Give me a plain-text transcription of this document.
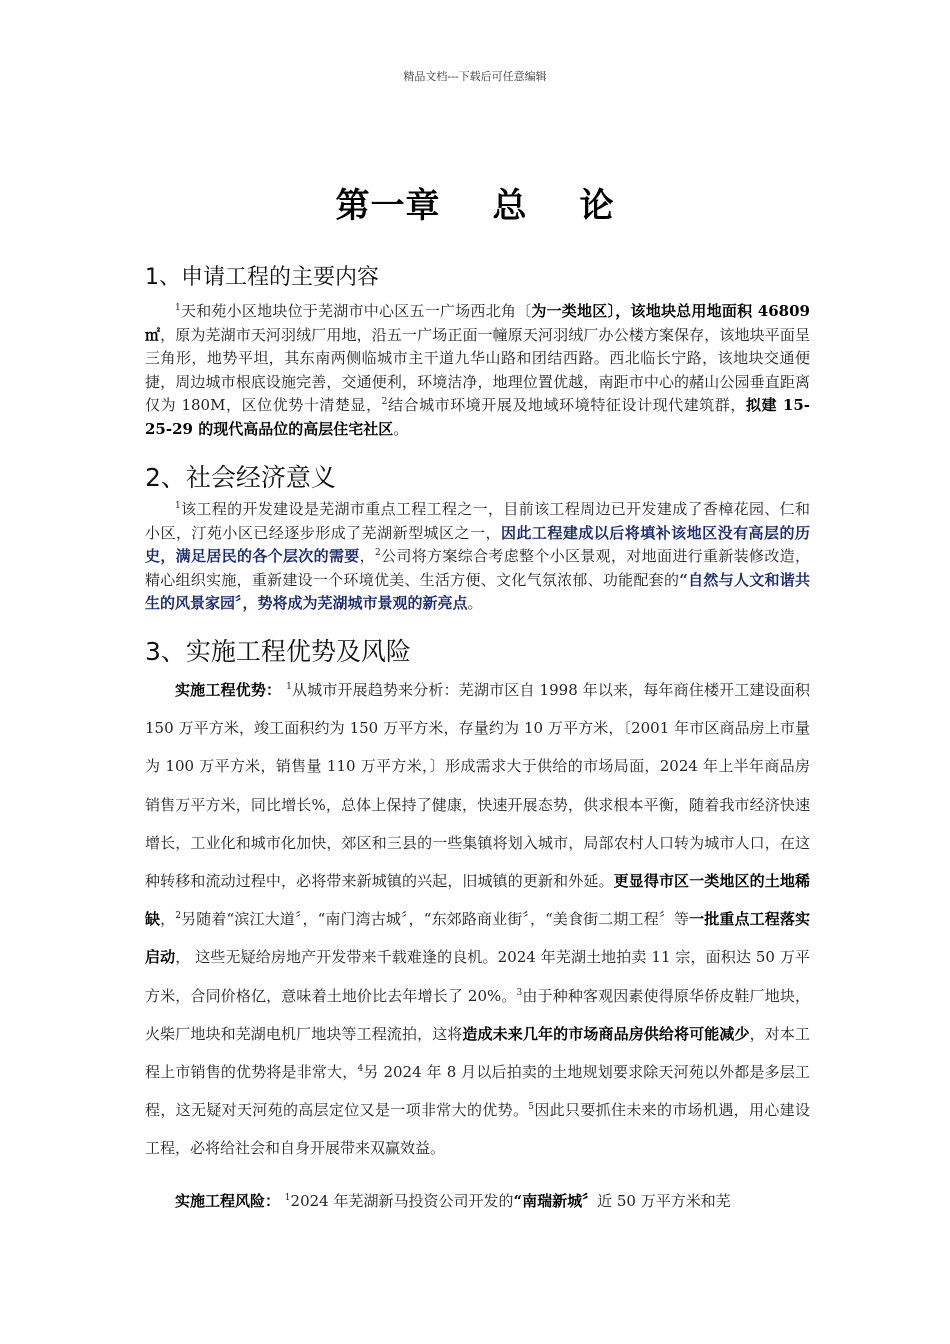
精品文档---下载后可任意编辑
第一章 总 论
1、申请工程的主要内容
$^1$天和苑小区地块位于芜湖市中心区五一广场西北角〔为一类地区〕，该地块总用地面积 46809㎡，原为芜湖市天河羽绒厂用地，沿五一广场正面一幢原天河羽绒厂办公楼方案保存，该地块平面呈三角形，地势平坦，其东南两侧临城市主干道九华山路和团结西路。西北临长宁路，该地块交通便捷，周边城市根底设施完善，交通便利，环境洁净，地理位置优越，南距市中心的赭山公园垂直距离仅为 180M，区位优势十清楚显，$^2$结合城市环境开展及地域环境特征设计现代建筑群，拟建 15-25-29 的现代高品位的高层住宅社区。
2、社会经济意义
$^1$该工程的开发建设是芜湖市重点工程工程之一，目前该工程周边已开发建成了香樟花园、仁和小区，汀苑小区已经逐步形成了芜湖新型城区之一，因此工程建成以后将填补该地区没有高层的历史，满足居民的各个层次的需要，$^2$公司将方案综合考虑整个小区景观，对地面进行重新装修改造，精心组织实施，重新建设一个环境优美、生活方便、文化气氛浓郁、功能配套的“自然与人文和谐共生的风景家园〞，势将成为芜湖城市景观的新亮点。
3、实施工程优势及风险
实施工程优势： $^1$从城市开展趋势来分析：芜湖市区自 1998 年以来，每年商住楼开工建设面积 150 万平方米，竣工面积约为 150 万平方米，存量约为 10 万平方米，〔2001 年市区商品房上市量为 100 万平方米，销售量 110 万平方米，〕形成需求大于供给的市场局面，2024 年上半年商品房销售万平方米，同比增长%，总体上保持了健康，快速开展态势，供求根本平衡，随着我市经济快速增长，工业化和城市化加快，郊区和三县的一些集镇将划入城市，局部农村人口转为城市人口，在这种转移和流动过程中，必将带来新城镇的兴起，旧城镇的更新和外延。更显得市区一类地区的土地稀缺，$^2$另随着“滨江大道〞，“南门湾古城〞，“东郊路商业街〞，“美食街二期工程〞等一批重点工程落实启动， 这些无疑给房地产开发带来千载难逢的良机。2024 年芜湖土地拍卖 11 宗，面积达 50 万平方米，合同价格亿，意味着土地价比去年增长了 20%。$^3$由于种种客观因素使得原华侨皮鞋厂地块，火柴厂地块和芜湖电机厂地块等工程流拍，这将造成未来几年的市场商品房供给将可能减少，对本工程上市销售的优势将是非常大，$^4$另 2024 年 8 月以后拍卖的土地规划要求除天河苑以外都是多层工程，这无疑对天河苑的高层定位又是一项非常大的优势。$^5$因此只要抓住未来的市场机遇，用心建设工程，必将给社会和自身开展带来双赢效益。
实施工程风险： $^1$2024 年芜湖新马投资公司开发的“南瑞新城〞近 50 万平方米和芜
